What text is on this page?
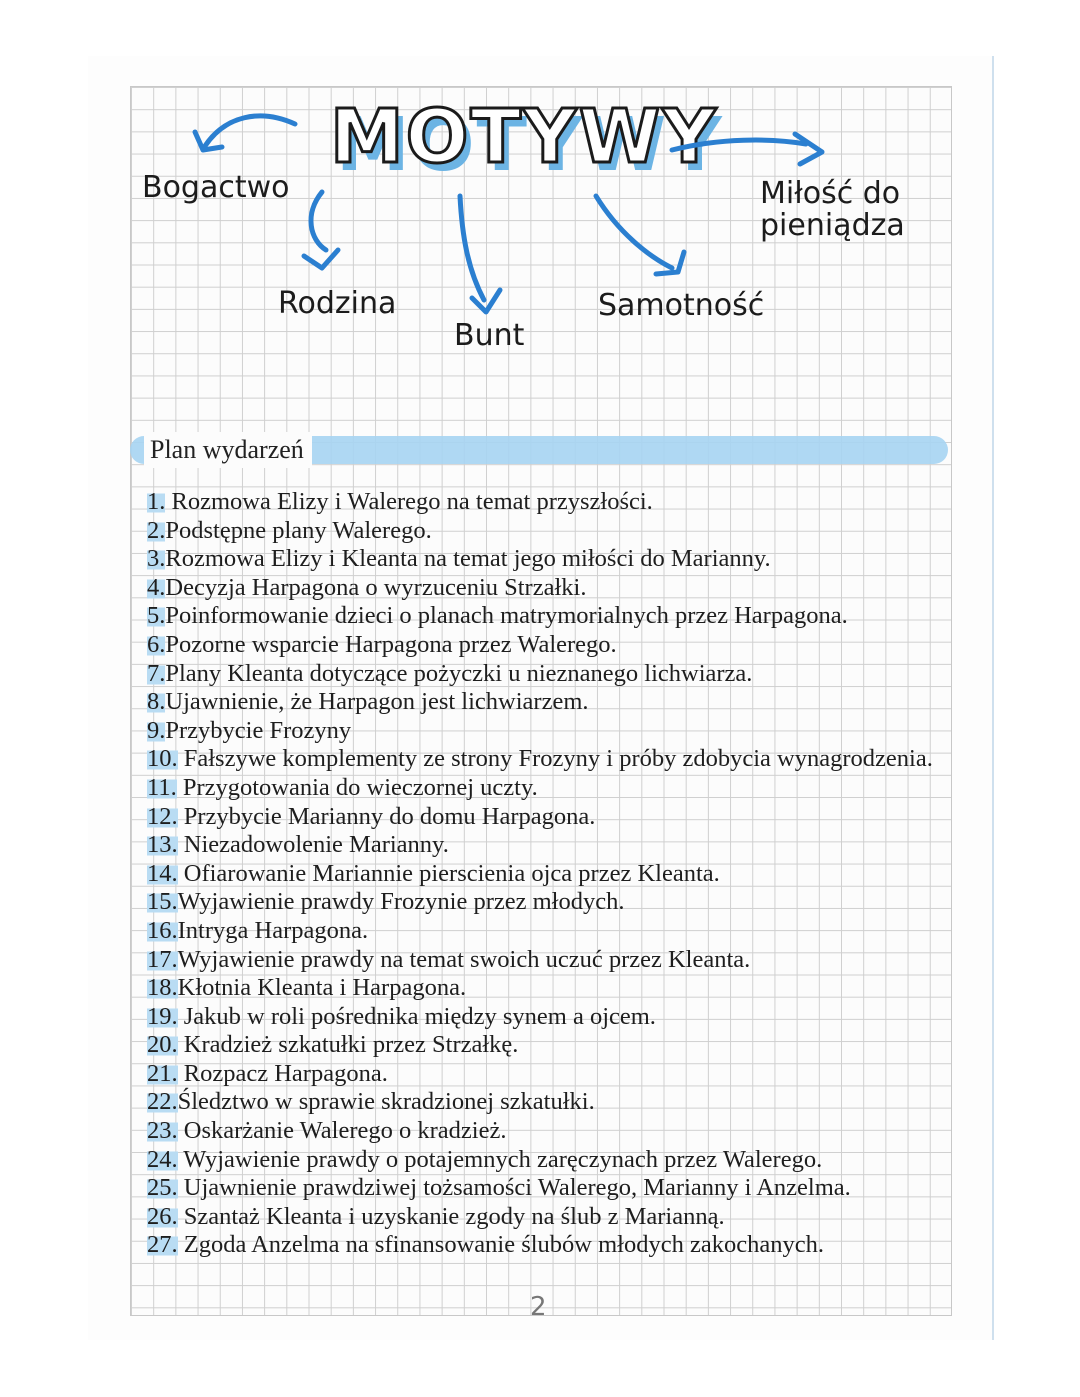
MOTYWY

Bogactwo	Miłość do pieniądza

Rodzina

Bunt

Samotność

Plan wydarzeń
1. Rozmowa Elizy i Walerego na temat przyszłości.
2.Podstępne plany Walerego.
3.Rozmowa Elizy i Kleanta na temat jego miłości do Marianny.
4.Decyzja Harpagona o wyrzuceniu Strzałki.
5.Poinformowanie dzieci o planach matrymorialnych przez Harpagona.
6.Pozorne wsparcie Harpagona przez Walerego.
7.Plany Kleanta dotyczące pożyczki u nieznanego lichwiarza.
8.Ujawnienie, że Harpagon jest lichwiarzem.
9.Przybycie Frozyny
10. Fałszywe komplementy ze strony Frozyny i próby zdobycia wynagrodzenia.
11. Przygotowania do wieczornej uczty.
12. Przybycie Marianny do domu Harpagona.
13. Niezadowolenie Marianny.
14. Ofiarowanie Mariannie pierscienia ojca przez Kleanta.
15.Wyjawienie prawdy Frozynie przez młodych.
16.Intryga Harpagona.
17.Wyjawienie prawdy na temat swoich uczuć przez Kleanta.
18.Kłotnia Kleanta i Harpagona.
19. Jakub w roli pośrednika między synem a ojcem.
20. Kradzież szkatułki przez Strzałkę.
21. Rozpacz Harpagona.
22.Śledztwo w sprawie skradzionej szkatułki.
23. Oskarżanie Walerego o kradzież.
24. Wyjawienie prawdy o potajemnych zaręczynach przez Walerego.
25. Ujawnienie prawdziwej tożsamości Walerego, Marianny i Anzelma.
26. Szantaż Kleanta i uzyskanie zgody na ślub z Marianną.
27. Zgoda Anzelma na sfinansowanie ślubów młodych zakochanych.
2
